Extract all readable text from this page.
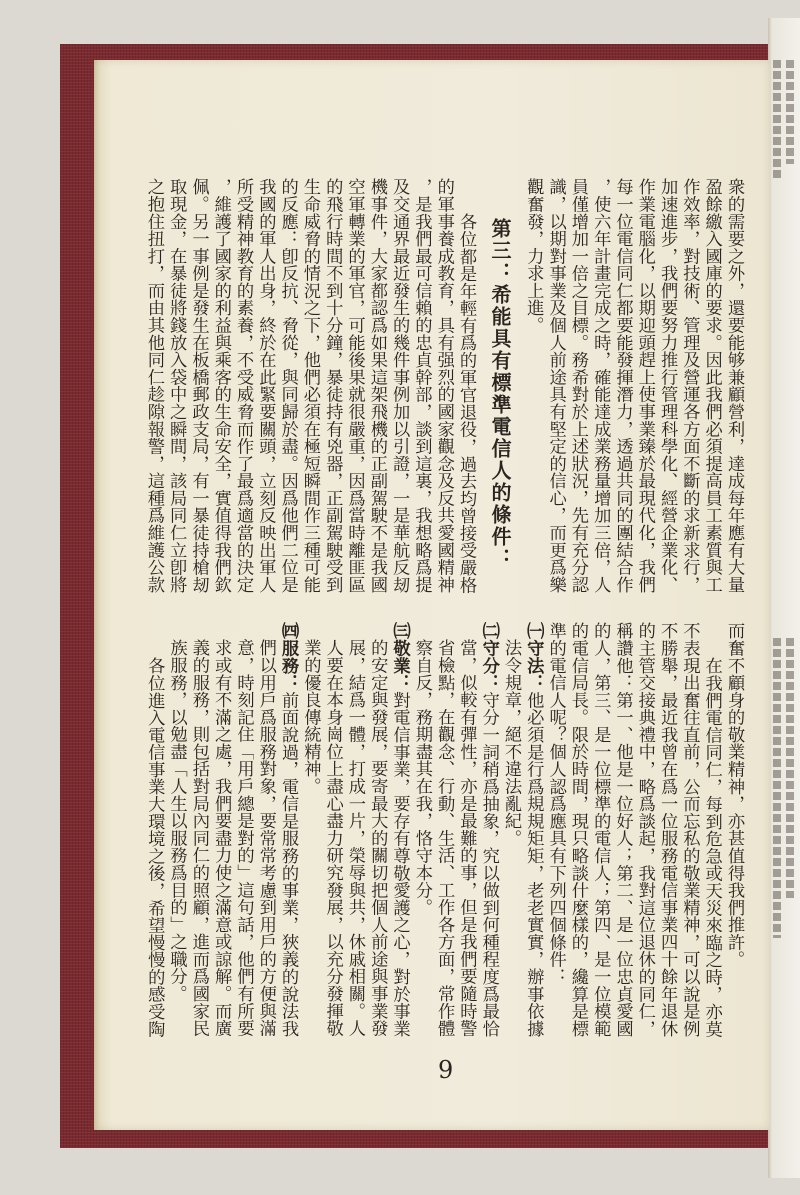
衆的需要之外，還要能够兼顧營利，達成每年應有大量
盈餘繳入國庫的要求。因此我們必須提高員工素質與工
作效率，對技術、管理及營運各方面不斷的求新求行，
加速進步，我們要努力推行管理科學化、經營企業化、
作業電腦化，以期迎頭趕上使事業臻於最現代化，我們
每一位電信同仁都要能發揮潛力，透過共同的團結合作
，使六年計畫完成之時，確能達成業務量增加三倍，人
員僅增加一倍之目標。務希對於上述狀況，先有充分認
識，以期對事業及個人前途具有堅定的信心，而更爲樂
觀奮發，力求上進。
第三：希能具有標準電信人的條件：
各位都是年輕有爲的軍官退役，過去均曾接受嚴格
的軍事養成教育，具有强烈的國家觀念及反共愛國精神
，是我們最可信賴的忠貞幹部，談到這裏，我想略爲提
及交通界最近發生的幾件事例加以引證，一是華航反刼
機事件，大家都認爲如果這架飛機的正副駕駛不是我國
空軍轉業的軍官，可能後果就很嚴重，因爲當時離匪區
的飛行時間不到十分鐘，暴徒持有兇器，正副駕駛受到
生命威脅的情況之下，他們必須在極短瞬間作三種可能
的反應：卽反抗、脅從，與同歸於盡。因爲他們二位是
我國的軍人出身，終於在此緊要關頭，立刻反映出軍人
所受精神教育的素養，不受威脅而作了最爲適當的決定
，維護了國家的利益與乘客的生命安全，實值得我們欽
佩。另一事例是發生在板橋郵政支局，有一暴徒持槍刼
取現金，在暴徒將錢放入袋中之瞬間，該局同仁立卽將
之抱住扭打，而由其他同仁趁隙報警，這種爲維護公款
而奮不顧身的敬業精神，亦甚值得我們推許。
在我們電信同仁，每到危急或天災來臨之時，亦莫
不表現出奮往直前，公而忘私的敬業精神，可以說是例
不勝舉，最近我曾在爲一位服務電信事業四十餘年退休
的主管交接典禮中，略爲談起，我對這位退休的同仁，
稱讚他：第一、他是一位好人；第二、是一位忠貞愛國
的人，第三、是一位標準的電信人；第四、是一位模範
的電信局長。限於時間，現只略談什麼樣的，纔算是標
準的電信人呢？個人認爲應具有下列四個條件：
㈠守法：他必須是行爲規規矩矩，老老實實，辦事依據
法令規章，絕不違法亂紀。
㈡守分：守分一詞稍爲抽象，究以做到何種程度爲最恰
當，似較有彈性，亦是最難的事，但是我們要隨時警
省檢點，在觀念、行動、生活、工作各方面，常作體
察自反，務期盡其在我，恪守本分。
㈢敬業：對電信事業，要存有尊敬愛護之心，對於事業
的安定與發展，要寄最大的關切把個人前途與事業發
展，結爲一體，打成一片，榮辱與共，休戚相關。人
人要在本身崗位上盡心盡力研究發展，以充分發揮敬
業的優良傳統精神。
㈣服務：前面說過，電信是服務的事業，狹義的說法我
們以用戶爲服務對象，要常常考慮到用戶的方便與滿
意，時刻記住「用戶總是對的」這句話，他們有所要
求或有不滿之處，我們要盡力使之滿意或諒解。而廣
義的服務，則包括對局內同仁的照顧，進而爲國家民
族服務，以勉盡「人生以服務爲目的」之職分。
各位進入電信事業大環境之後，希望慢慢的感受陶
9
